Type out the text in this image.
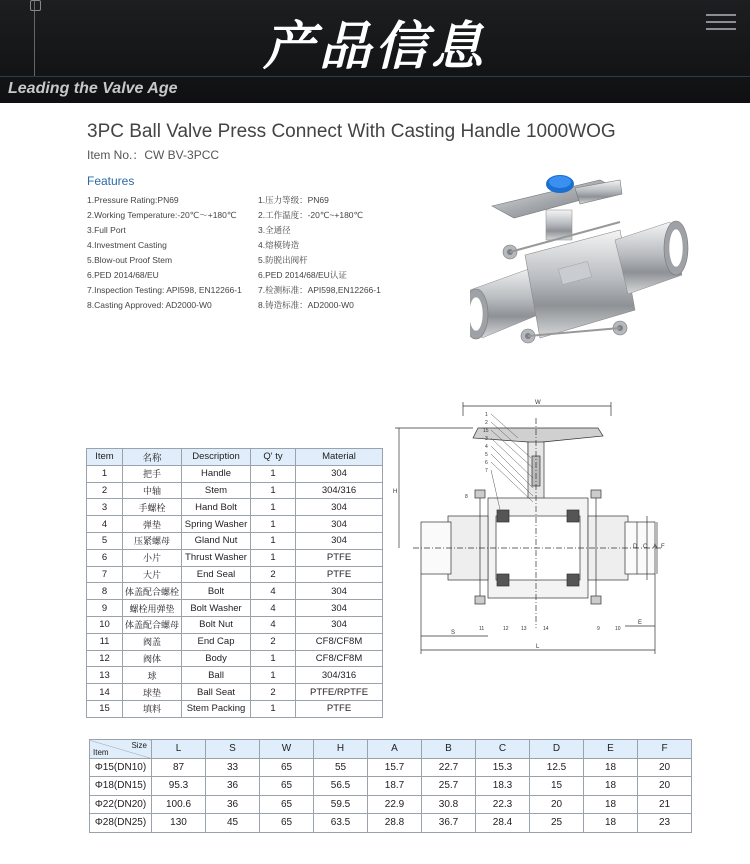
产品信息
Leading the Valve Age
3PC Ball Valve Press Connect With Casting Handle 1000WOG
Item No.：CW BV-3PCC
Features
1.Pressure Rating:PN69
2.Working Temperature:-20℃～+180℃
3.Full Port
4.Investment Casting
5.Blow-out Proof Stem
6.PED 2014/68/EU
7.Inspection Testing: API598, EN12266-1
8.Casting Approved: AD2000-W0
1.压力等级：PN69
2.工作温度：-20℃~+180℃
3.全通径
4.熔模铸造
5.防脱出阀杆
6.PED 2014/68/EU认证
7.检测标准：API598,EN12266-1
8.铸造标准：AD2000-W0
Item	名称	Description	Q' ty	Material
1	把手	Handle	1	304
2	中轴	Stem	1	304/316
3	手螺栓	Hand Bolt	1	304
4	弹垫	Spring Washer	1	304
5	压紧螺母	Gland Nut	1	304
6	小片	Thrust Washer	1	PTFE
7	大片	End Seal	2	PTFE
8	体盖配合螺栓	Bolt	4	304
9	螺栓用弹垫	Bolt Washer	4	304
10	体盖配合螺母	Bolt Nut	4	304
11	阀盖	End Cap	2	CF8/CF8M
12	阀体	Body	1	CF8/CF8M
13	球	Ball	1	304/316
14	球垫	Ball Seat	2	PTFE/RPTFE
15	填料	Stem Packing	1	PTFE
W
H
D C A F
S
E
L
1
2
15
3
4
5
6
7
8
11	12 13	14	9	10
Size
Item	L	S	W	H	A	B	C	D	E	F
Φ15(DN10)	87	33	65	55	15.7	22.7	15.3	12.5	18	20
Φ18(DN15)	95.3	36	65	56.5	18.7	25.7	18.3	15	18	20
Φ22(DN20)	100.6	36	65	59.5	22.9	30.8	22.3	20	18	21
Φ28(DN25)	130	45	65	63.5	28.8	36.7	28.4	25	18	23
